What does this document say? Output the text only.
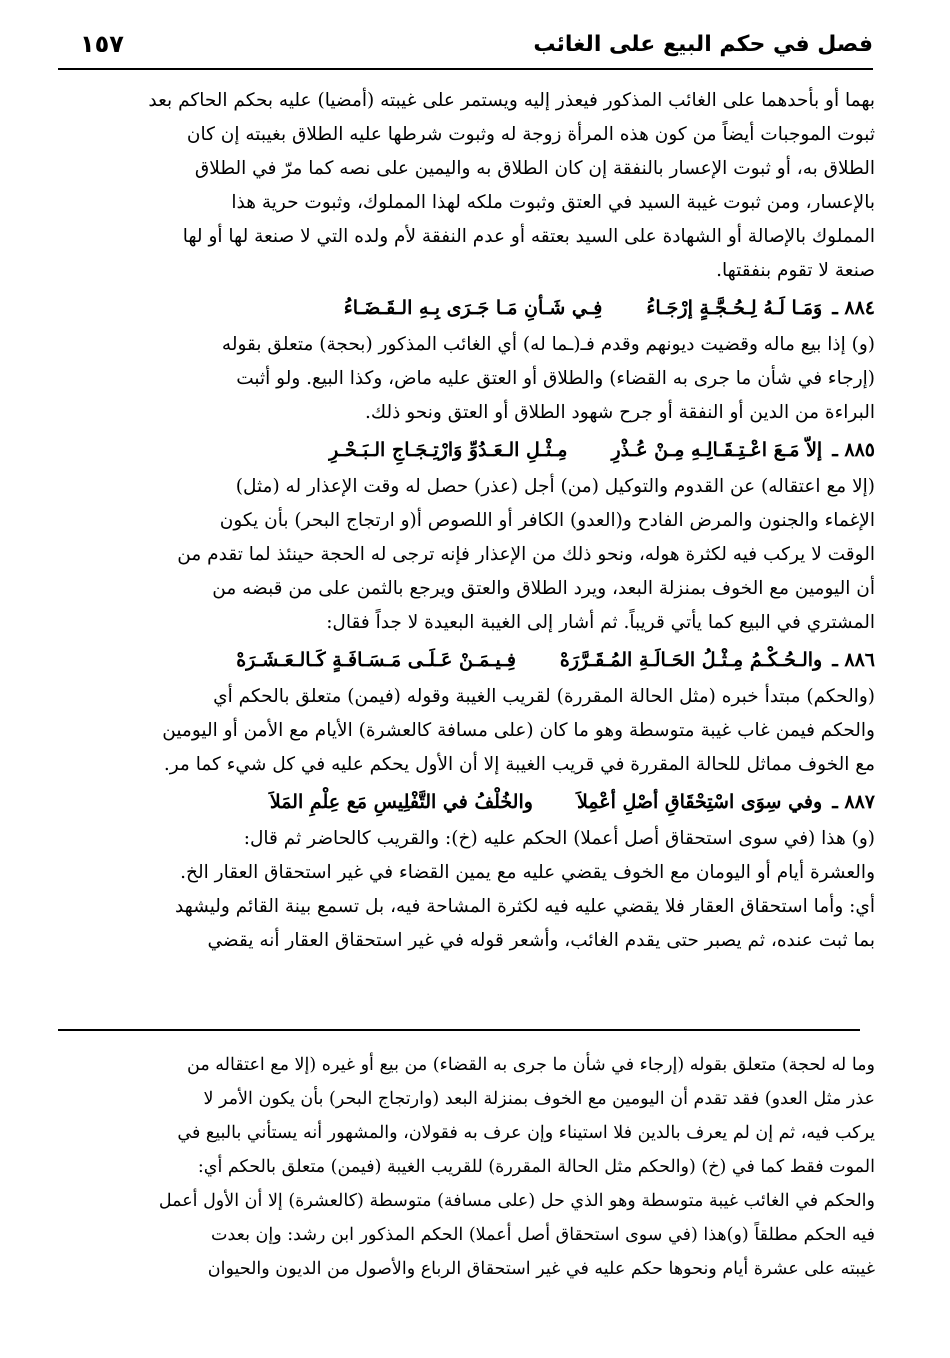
١٥٧	فصل في حكم البيع على الغائب
بهما أو بأحدهما على الغائب المذكور فيعذر إليه ويستمر على غيبته (أمضيا) عليه بحكم الحاكم بعد
ثبوت الموجبات أيضاً من كون هذه المرأة زوجة له وثبوت شرطها عليه الطلاق بغيبته إن كان
الطلاق به، أو ثبوت الإعسار بالنفقة إن كان الطلاق به واليمين على نصه كما مرّ في الطلاق
بالإعسار، ومن ثبوت غيبة السيد في العتق وثبوت ملكه لهذا المملوك، وثبوت حرية هذا
المملوك بالإصالة أو الشهادة على السيد بعتقه أو عدم النفقة لأم ولده التي لا صنعة لها أو لها
صنعة لا تقوم بنفقتها.
٨٨٤ ـ
وَمَـا لَـهُ لِـحُـجَّـةٍ إرْجَـاءُ
فِـي شَـأنِ مَـا جَـرَى بِـهِ الـقَـضَـاءُ
(و) إذا بيع ماله وقضيت ديونهم وقدم فـ(ـما له) أي الغائب المذكور (بحجة) متعلق بقوله
(إرجاء في شأن ما جرى به القضاء) والطلاق أو العتق عليه ماض، وكذا البيع. ولو أثبت
البراءة من الدين أو النفقة أو جرح شهود الطلاق أو العتق ونحو ذلك.
٨٨٥ ـ
إلاّ مَـعَ اعْـتِـقَـالِـهِ مِـنْ عُـذْرِ
مِـثْـلِ الـعَـدُوِّ وَارْتِـجَـاجِ الـبَـحْـرِ
(إلا مع اعتقاله) عن القدوم والتوكيل (من) أجل (عذر) حصل له وقت الإعذار له (مثل)
الإغماء والجنون والمرض الفادح و(العدو) الكافر أو اللصوص أ(و ارتجاج البحر) بأن يكون
الوقت لا يركب فيه لكثرة هوله، ونحو ذلك من الإعذار فإنه ترجى له الحجة حينئذ لما تقدم من
أن اليومين مع الخوف بمنزلة البعد، ويرد الطلاق والعتق ويرجع بالثمن على من قبضه من
المشتري في البيع كما يأتي قريباً. ثم أشار إلى الغيبة البعيدة لا جداً فقال:
٨٨٦ ـ
والـحُـكْـمُ مِـثْـلُ الحَـالَـةِ المُـقَـرَّرَهْ
فِـيـمَـنْ عَـلَـى مَـسَـافَـةٍ كَـالـعَـشَـرَهْ
(والحكم) مبتدأ خبره (مثل الحالة المقررة) لقريب الغيبة وقوله (فيمن) متعلق بالحكم أي
والحكم فيمن غاب غيبة متوسطة وهو ما كان (على مسافة كالعشرة) الأيام مع الأمن أو اليومين
مع الخوف مماثل للحالة المقررة في قريب الغيبة إلا أن الأول يحكم عليه في كل شيء كما مر.
٨٨٧ ـ
وفي سِوَى اسْتِحْقَاقِ أصْلِ أعْمِلاَ
والخُلْفُ في التَّفْلِيسِ مَع عِلْمِ المَلاَ
(و) هذا (في سوى استحقاق أصل أعملا) الحكم عليه (خ): والقريب كالحاضر ثم قال:
والعشرة أيام أو اليومان مع الخوف يقضي عليه مع يمين القضاء في غير استحقاق العقار الخ.
أي: وأما استحقاق العقار فلا يقضي عليه فيه لكثرة المشاحة فيه، بل تسمع بينة القائم وليشهد
بما ثبت عنده، ثم يصبر حتى يقدم الغائب، وأشعر قوله في غير استحقاق العقار أنه يقضي
وما له لحجة) متعلق بقوله (إرجاء في شأن ما جرى به القضاء) من بيع أو غيره (إلا مع اعتقاله من
عذر مثل العدو) فقد تقدم أن اليومين مع الخوف بمنزلة البعد (وارتجاج البحر) بأن يكون الأمر لا
يركب فيه، ثم إن لم يعرف بالدين فلا استيناء وإن عرف به فقولان، والمشهور أنه يستأني بالبيع في
الموت فقط كما في (خ) (والحكم مثل الحالة المقررة) للقريب الغيبة (فيمن) متعلق بالحكم أي:
والحكم في الغائب غيبة متوسطة وهو الذي حل (على مسافة) متوسطة (كالعشرة) إلا أن الأول أعمل
فيه الحكم مطلقاً (و)هذا (في سوى استحقاق أصل أعملا) الحكم المذكور ابن رشد: وإن بعدت
غيبته على عشرة أيام ونحوها حكم عليه في غير استحقاق الرباع والأصول من الديون والحيوان
